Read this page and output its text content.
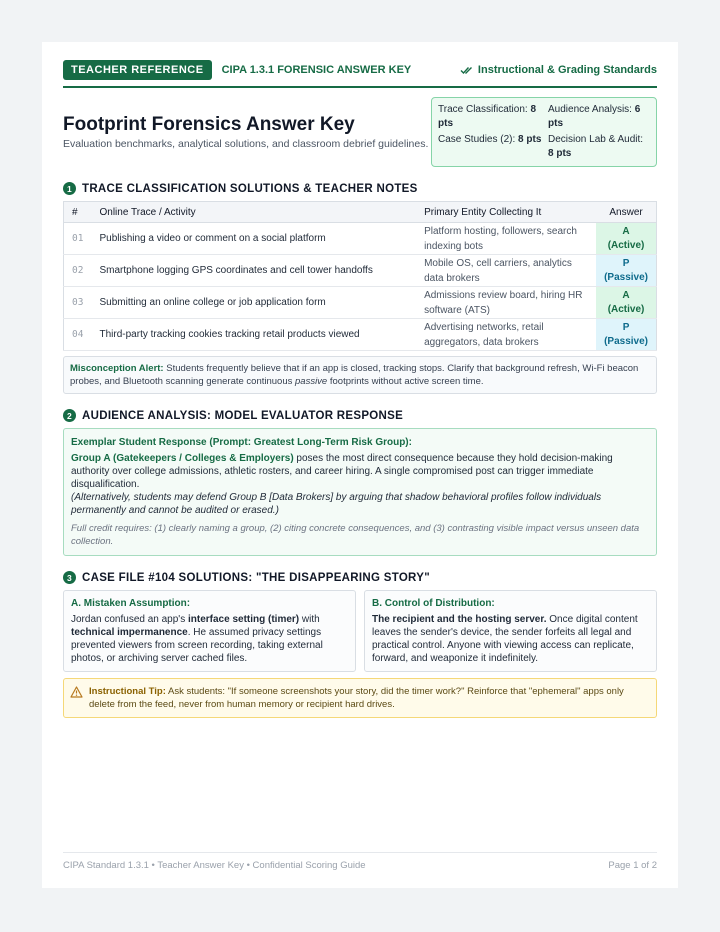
TEACHER REFERENCE	CIPA 1.3.1 FORENSIC ANSWER KEY	Instructional & Grading Standards
Footprint Forensics Answer Key
Evaluation benchmarks, analytical solutions, and classroom debrief guidelines.
Trace Classification: 8 pts
Audience Analysis: 6 pts
Case Studies (2): 8 pts Decision Lab & Audit: 8 pts
1 TRACE CLASSIFICATION SOLUTIONS & TEACHER NOTES
#	Online Trace / Activity	Primary Entity Collecting It	Answer
01	Publishing a video or comment on a social platform	Platform hosting, followers, search indexing bots	A
(Active)

02	Smartphone logging GPS coordinates and cell tower handoffs	Mobile OS, cell carriers, analytics data brokers	P
(Passive)

03	Submitting an online college or job application form	Admissions review board, hiring HR software (ATS)	A
(Active)

04	Third-party tracking cookies tracking retail products viewed	Advertising networks, retail aggregators, data brokers	P
(Passive)
Misconception Alert: Students frequently believe that if an app is closed, tracking stops. Clarify that background refresh, Wi-Fi beacon probes, and Bluetooth scanning generate continuous passive footprints without active screen time.
2 AUDIENCE ANALYSIS: MODEL EVALUATOR RESPONSE
Exemplar Student Response (Prompt: Greatest Long-Term Risk Group):
Group A (Gatekeepers / Colleges & Employers) poses the most direct consequence because they hold decision-making authority over college admissions, athletic rosters, and career hiring. A single compromised post can trigger immediate disqualification.
(Alternatively, students may defend Group B [Data Brokers] by arguing that shadow behavioral profiles follow individuals permanently and cannot be audited or erased.)
Full credit requires: (1) clearly naming a group, (2) citing concrete consequences, and (3) contrasting visible impact versus unseen data collection.
3 CASE FILE #104 SOLUTIONS: "THE DISAPPEARING STORY"
A. Mistaken Assumption:
Jordan confused an app's interface setting (timer) with technical impermanence. He assumed privacy settings prevented viewers from screen recording, taking external photos, or archiving server cached files.
B. Control of Distribution:
The recipient and the hosting server. Once digital content leaves the sender's device, the sender forfeits all legal and practical control. Anyone with viewing access can replicate, forward, and weaponize it indefinitely.
Instructional Tip: Ask students: "If someone screenshots your story, did the timer work?" Reinforce that "ephemeral" apps only delete from the feed, never from human memory or recipient hard drives.
CIPA Standard 1.3.1 • Teacher Answer Key • Confidential Scoring Guide	Page 1 of 2
